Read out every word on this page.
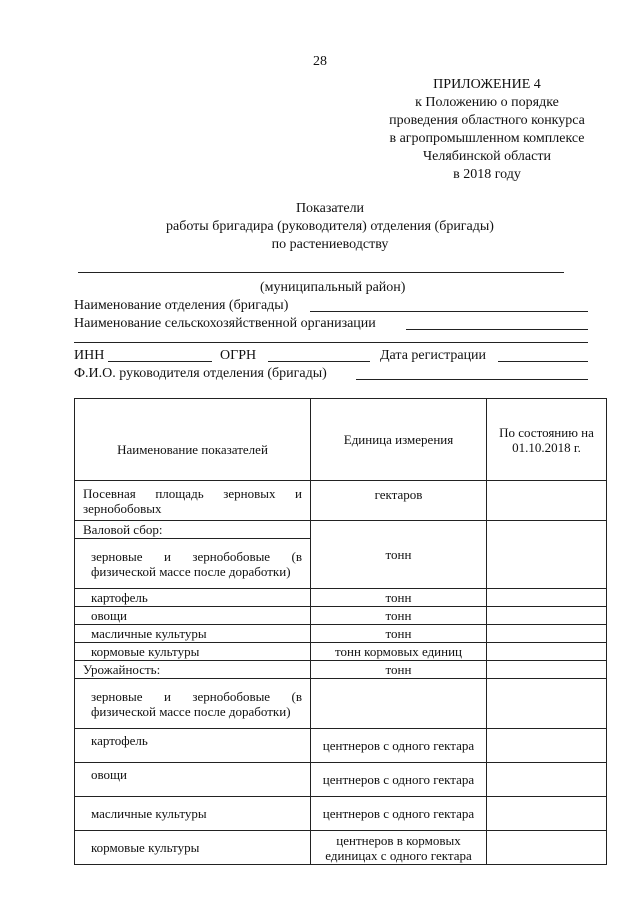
28
ПРИЛОЖЕНИЕ 4
к Положению о порядке
проведения областного конкурса
в агропромышленном комплексе
Челябинской области
в 2018 году
Показатели
работы бригадира (руководителя) отделения (бригады)
по растениеводству
(муниципальный район)
Наименование отделения (бригады)
Наименование сельскохозяйственной организации
ИНН	ОГРН	Дата регистрации
Ф.И.О. руководителя отделения (бригады)
Наименование показателей	Единица измерения	По состоянию на 01.10.2018 г.
Посевная площадь зерновых и зернобобовых	гектаров	
Валовой сбор:	тонн	
зерновые и зернобобовые (в физической массе после доработки)		
картофель	тонн	
овощи	тонн	
масличные культуры	тонн	
кормовые культуры	тонн кормовых единиц	
Урожайность:	тонн	
зерновые и зернобобовые (в физической массе после доработки)		
картофель	центнеров с одного гектара	
овощи	центнеров с одного гектара	
масличные культуры	центнеров с одного гектара	
кормовые культуры	центнеров в кормовых единицах с одного гектара	
